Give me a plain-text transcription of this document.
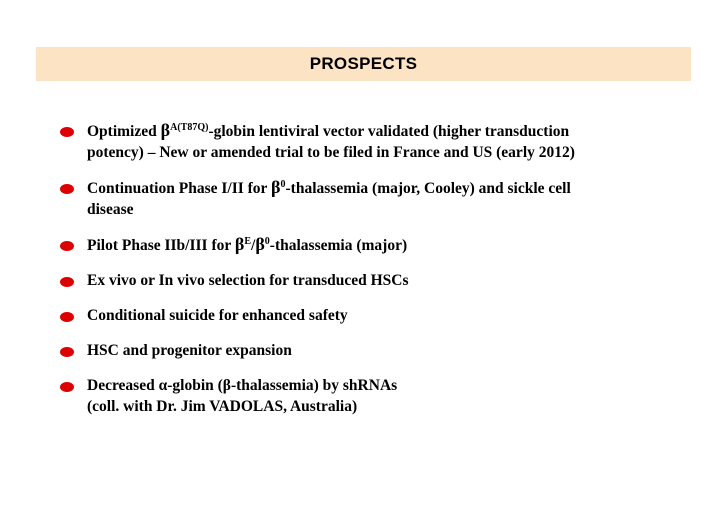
PROSPECTS
Optimized $\beta^{A(T87Q)}$-globin lentiviral vector validated (higher transduction
potency) – New or amended trial to be filed in France and US (early 2012)
Continuation Phase I/II for $\beta^0$-thalassemia (major, Cooley) and sickle cell
disease
Pilot Phase IIb/III for $\beta^E/\beta^0$-thalassemia (major)
Ex vivo or In vivo selection for transduced HSCs
Conditional suicide for enhanced safety
HSC and progenitor expansion
Decreased α-globin (β-thalassemia) by shRNAs
(coll. with Dr. Jim VADOLAS, Australia)
